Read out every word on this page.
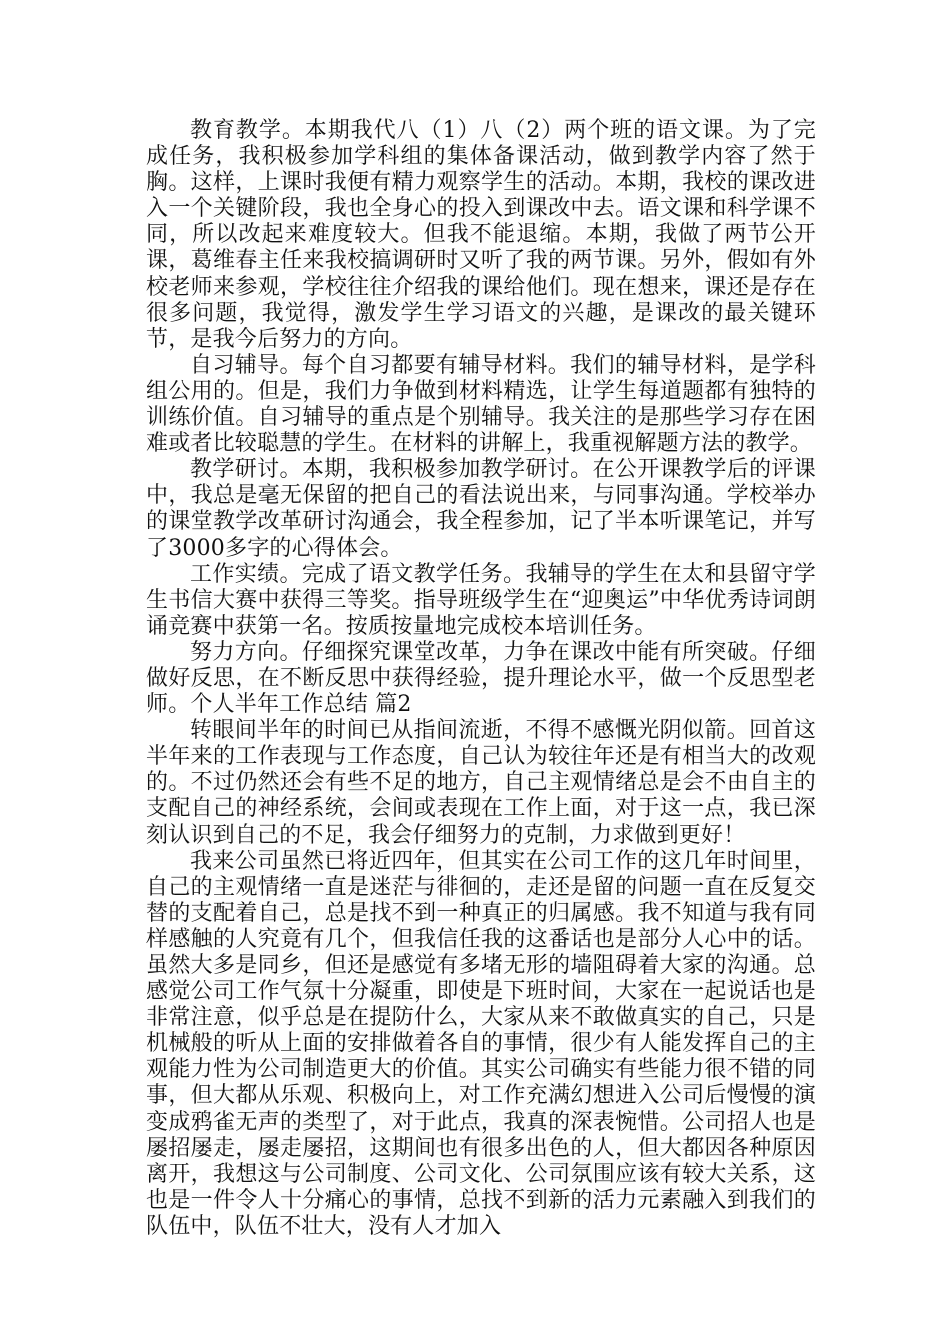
教育教学。本期我代八（1）八（2）两个班的语文课。为了完成任务，我积极参加学科组的集体备课活动，做到教学内容了然于胸。这样，上课时我便有精力观察学生的活动。本期，我校的课改进入一个关键阶段，我也全身心的投入到课改中去。语文课和科学课不同，所以改起来难度较大。但我不能退缩。本期，我做了两节公开课，葛维春主任来我校搞调研时又听了我的两节课。另外，假如有外校老师来参观，学校往往介绍我的课给他们。现在想来，课还是存在很多问题，我觉得，激发学生学习语文的兴趣，是课改的最关键环节，是我今后努力的方向。

自习辅导。每个自习都要有辅导材料。我们的辅导材料，是学科组公用的。但是，我们力争做到材料精选，让学生每道题都有独特的训练价值。自习辅导的重点是个别辅导。我关注的是那些学习存在困难或者比较聪慧的学生。在材料的讲解上，我重视解题方法的教学。

教学研讨。本期，我积极参加教学研讨。在公开课教学后的评课中，我总是毫无保留的把自己的看法说出来，与同事沟通。学校举办的课堂教学改革研讨沟通会，我全程参加，记了半本听课笔记，并写了3000多字的心得体会。

工作实绩。完成了语文教学任务。我辅导的学生在太和县留守学生书信大赛中获得三等奖。指导班级学生在“迎奥运”中华优秀诗词朗诵竞赛中获第一名。按质按量地完成校本培训任务。

努力方向。仔细探究课堂改革，力争在课改中能有所突破。仔细做好反思，在不断反思中获得经验，提升理论水平，做一个反思型老师。个人半年工作总结 篇2

转眼间半年的时间已从指间流逝，不得不感慨光阴似箭。回首这半年来的工作表现与工作态度，自己认为较往年还是有相当大的改观的。不过仍然还会有些不足的地方，自己主观情绪总是会不由自主的支配自己的神经系统，会间或表现在工作上面，对于这一点，我已深刻认识到自己的不足，我会仔细努力的克制，力求做到更好！

我来公司虽然已将近四年，但其实在公司工作的这几年时间里，自己的主观情绪一直是迷茫与徘徊的，走还是留的问题一直在反复交替的支配着自己，总是找不到一种真正的归属感。我不知道与我有同样感触的人究竟有几个，但我信任我的这番话也是部分人心中的话。虽然大多是同乡，但还是感觉有多堵无形的墙阻碍着大家的沟通。总感觉公司工作气氛十分凝重，即使是下班时间，大家在一起说话也是非常注意，似乎总是在提防什么，大家从来不敢做真实的自己，只是机械般的听从上面的安排做着各自的事情，很少有人能发挥自己的主观能力性为公司制造更大的价值。其实公司确实有些能力很不错的同事，但大都从乐观、积极向上，对工作充满幻想进入公司后慢慢的演变成鸦雀无声的类型了，对于此点，我真的深表惋惜。公司招人也是屡招屡走，屡走屡招，这期间也有很多出色的人，但大都因各种原因离开，我想这与公司制度、公司文化、公司氛围应该有较大关系，这也是一件令人十分痛心的事情，总找不到新的活力元素融入到我们的队伍中，队伍不壮大，没有人才加入
